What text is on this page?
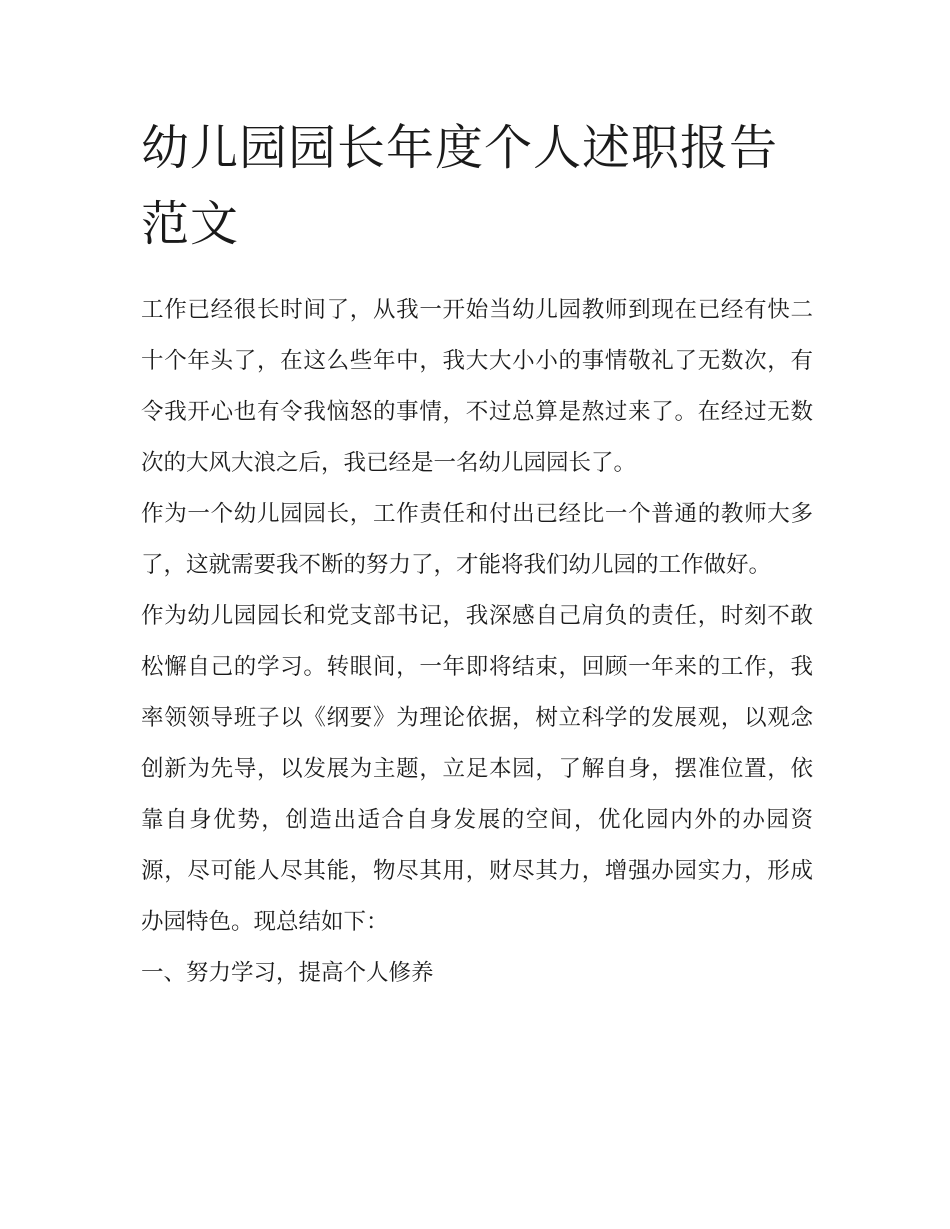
幼儿园园长年度个人述职报告范文

工作已经很长时间了，从我一开始当幼儿园教师到现在已经有快二十个年头了，在这么些年中，我大大小小的事情敬礼了无数次，有令我开心也有令我恼怒的事情，不过总算是熬过来了。在经过无数次的大风大浪之后，我已经是一名幼儿园园长了。

作为一个幼儿园园长，工作责任和付出已经比一个普通的教师大多了，这就需要我不断的努力了，才能将我们幼儿园的工作做好。

作为幼儿园园长和党支部书记，我深感自己肩负的责任，时刻不敢松懈自己的学习。转眼间，一年即将结束，回顾一年来的工作，我率领领导班子以《纲要》为理论依据，树立科学的发展观，以观念创新为先导，以发展为主题，立足本园，了解自身，摆准位置，依靠自身优势，创造出适合自身发展的空间，优化园内外的办园资源，尽可能人尽其能，物尽其用，财尽其力，增强办园实力，形成办园特色。现总结如下：

一、努力学习，提高个人修养
